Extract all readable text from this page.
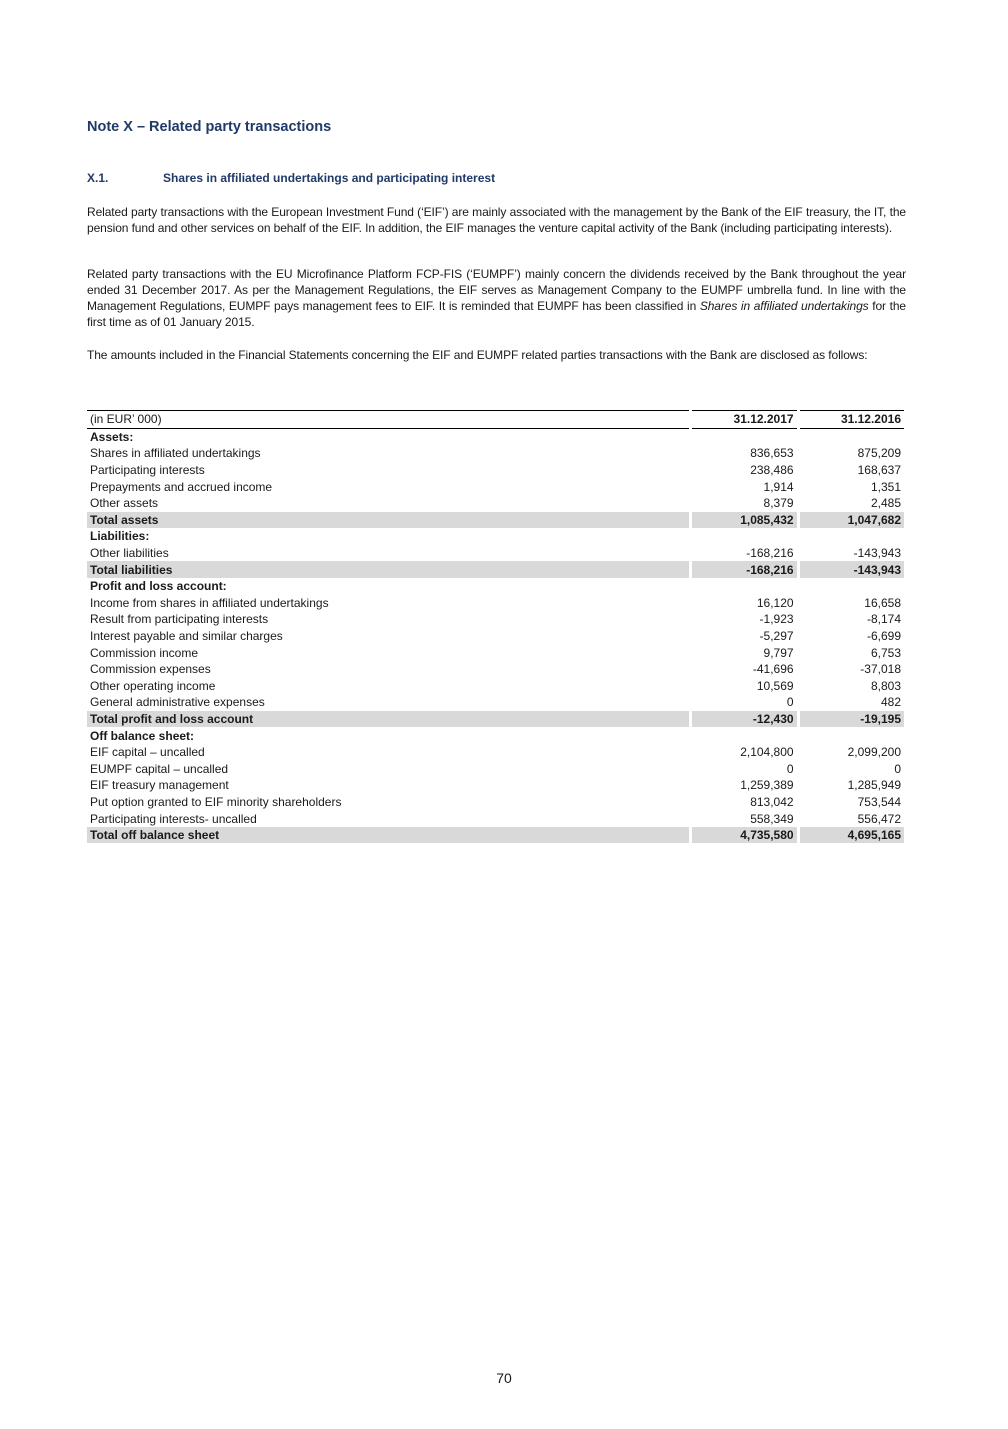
Note X – Related party transactions
X.1.	Shares in affiliated undertakings and participating interest

Related party transactions with the European Investment Fund (‘EIF’) are mainly associated with the management by the Bank of the EIF treasury, the IT, the pension fund and other services on behalf of the EIF. In addition, the EIF manages the venture capital activity of the Bank (including participating interests).

Related party transactions with the EU Microfinance Platform FCP-FIS (‘EUMPF’) mainly concern the dividends received by the Bank throughout the year ended 31 December 2017. As per the Management Regulations, the EIF serves as Management Company to the EUMPF umbrella fund. In line with the Management Regulations, EUMPF pays management fees to EIF. It is reminded that EUMPF has been classified in Shares in affiliated undertakings for the first time as of 01 January 2015.

The amounts included in the Financial Statements concerning the EIF and EUMPF related parties transactions with the Bank are disclosed as follows:

(in EUR’ 000)		31.12.2017		31.12.2016
Assets:				
Shares in affiliated undertakings		836,653		875,209
Participating interests		238,486		168,637
Prepayments and accrued income		1,914		1,351
Other assets		8,379		2,485
Total assets		1,085,432		1,047,682
Liabilities:				
Other liabilities		-168,216		-143,943
Total liabilities		-168,216		-143,943
Profit and loss account:				
Income from shares in affiliated undertakings		16,120		16,658
Result from participating interests		-1,923		-8,174
Interest payable and similar charges		-5,297		-6,699
Commission income		9,797		6,753
Commission expenses		-41,696		-37,018
Other operating income		10,569		8,803
General administrative expenses		0		482
Total profit and loss account		-12,430		-19,195
Off balance sheet:				
EIF capital – uncalled		2,104,800		2,099,200
EUMPF capital – uncalled		0		0
EIF treasury management		1,259,389		1,285,949
Put option granted to EIF minority shareholders		813,042		753,544
Participating interests- uncalled		558,349		556,472
Total off balance sheet		4,735,580		4,695,165
70
